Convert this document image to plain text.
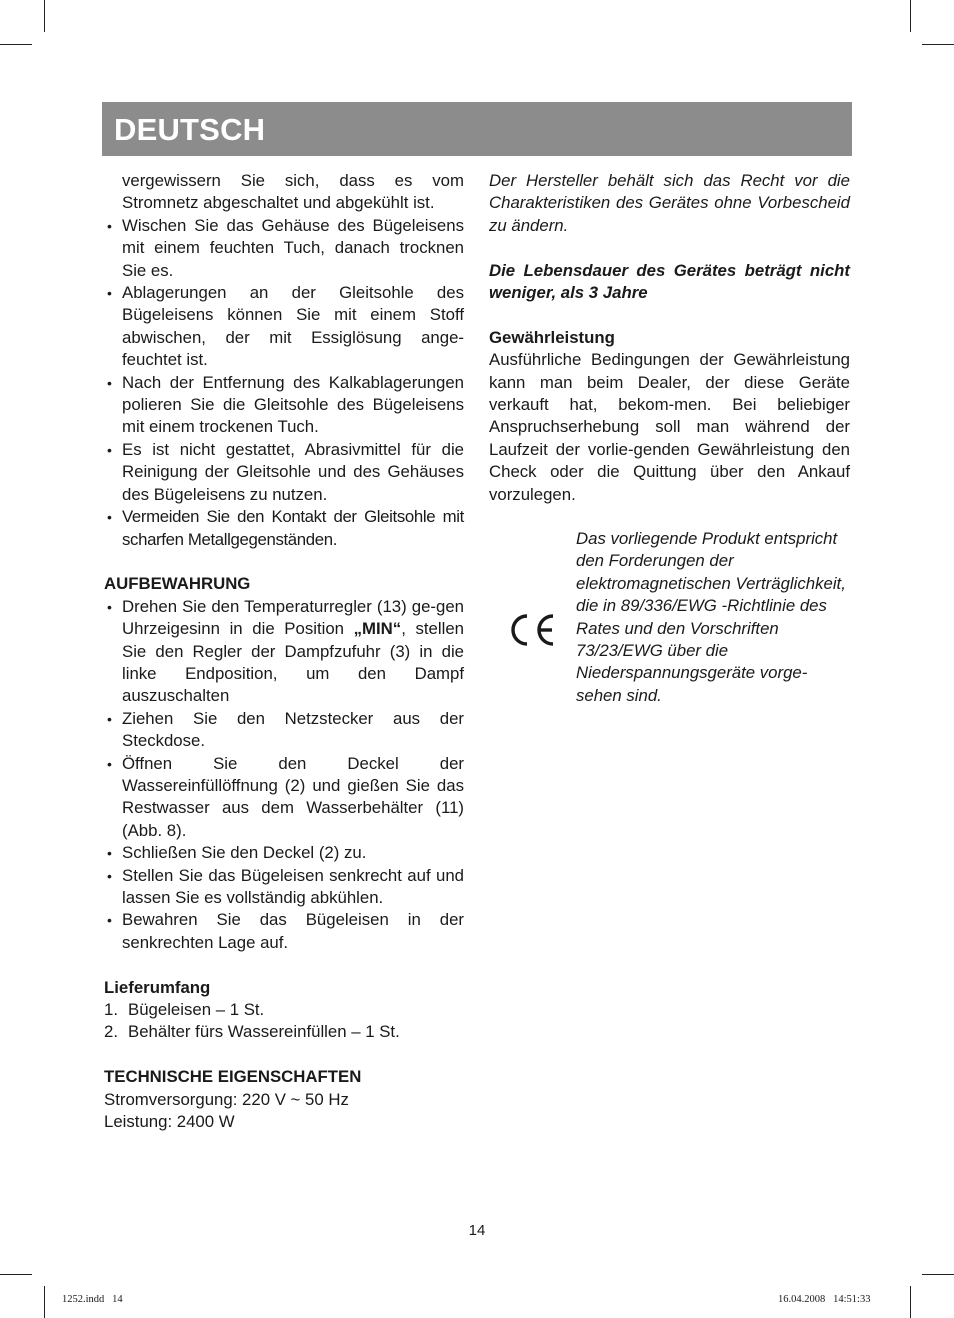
DEUTSCH

vergewissern Sie sich, dass es vom Stromnetz abgeschaltet und abgekühlt ist.

• Wischen Sie das Gehäuse des Bügeleisens mit einem feuchten Tuch, danach trocknen Sie es.
• Ablagerungen an der Gleitsohle des Bügeleisens können Sie mit einem Stoff abwischen, der mit Essiglösung ange-feuchtet ist.
• Nach der Entfernung des Kalkablagerungen polieren Sie die Gleitsohle des Bügeleisens mit einem trockenen Tuch.
• Es ist nicht gestattet, Abrasivmittel für die Reinigung der Gleitsohle und des Gehäuses des Bügeleisens zu nutzen.
• Vermeiden Sie den Kontakt der Gleitsohle mit scharfen Metallgegenständen.

AUFBEWAHRUNG

• Drehen Sie den Temperaturregler (13) ge-gen Uhrzeigesinn in die Position „MIN“, stellen Sie den Regler der Dampfzufuhr (3) in die linke Endposition, um den Dampf auszuschalten
• Ziehen Sie den Netzstecker aus der Steckdose.
• Öffnen Sie den Deckel der Wassereinfüllöffnung (2) und gießen Sie das Restwasser aus dem Wasserbehälter (11) (Abb. 8).
• Schließen Sie den Deckel (2) zu.
• Stellen Sie das Bügeleisen senkrecht auf und lassen Sie es vollständig abkühlen.
• Bewahren Sie das Bügeleisen in der senkrechten Lage auf.

Lieferumfang

1. Bügeleisen – 1 St.
2. Behälter fürs Wassereinfüllen – 1 St.

TECHNISCHE EIGENSCHAFTEN

Stromversorgung: 220 V ~ 50 Hz

Leistung: 2400 W

Der Hersteller behält sich das Recht vor die Charakteristiken des Gerätes ohne Vorbescheid zu ändern.

Die Lebensdauer des Gerätes beträgt nicht weniger, als 3 Jahre

Gewährleistung

Ausführliche Bedingungen der Gewährleistung kann man beim Dealer, der diese Geräte verkauft hat, bekom-men. Bei beliebiger Anspruchserhebung soll man während der Laufzeit der vorlie-genden Gewährleistung den Check oder die Quittung über den Ankauf vorzulegen.

Das vorliegende Produkt entspricht den Forderungen der elektromagnetischen Verträglichkeit, die in 89/336/EWG -Richtlinie des Rates und den Vorschriften 73/23/EWG über die Niederspannungsgeräte vorge-sehen sind.

14
1252.indd   14	16.04.2008   14:51:33
